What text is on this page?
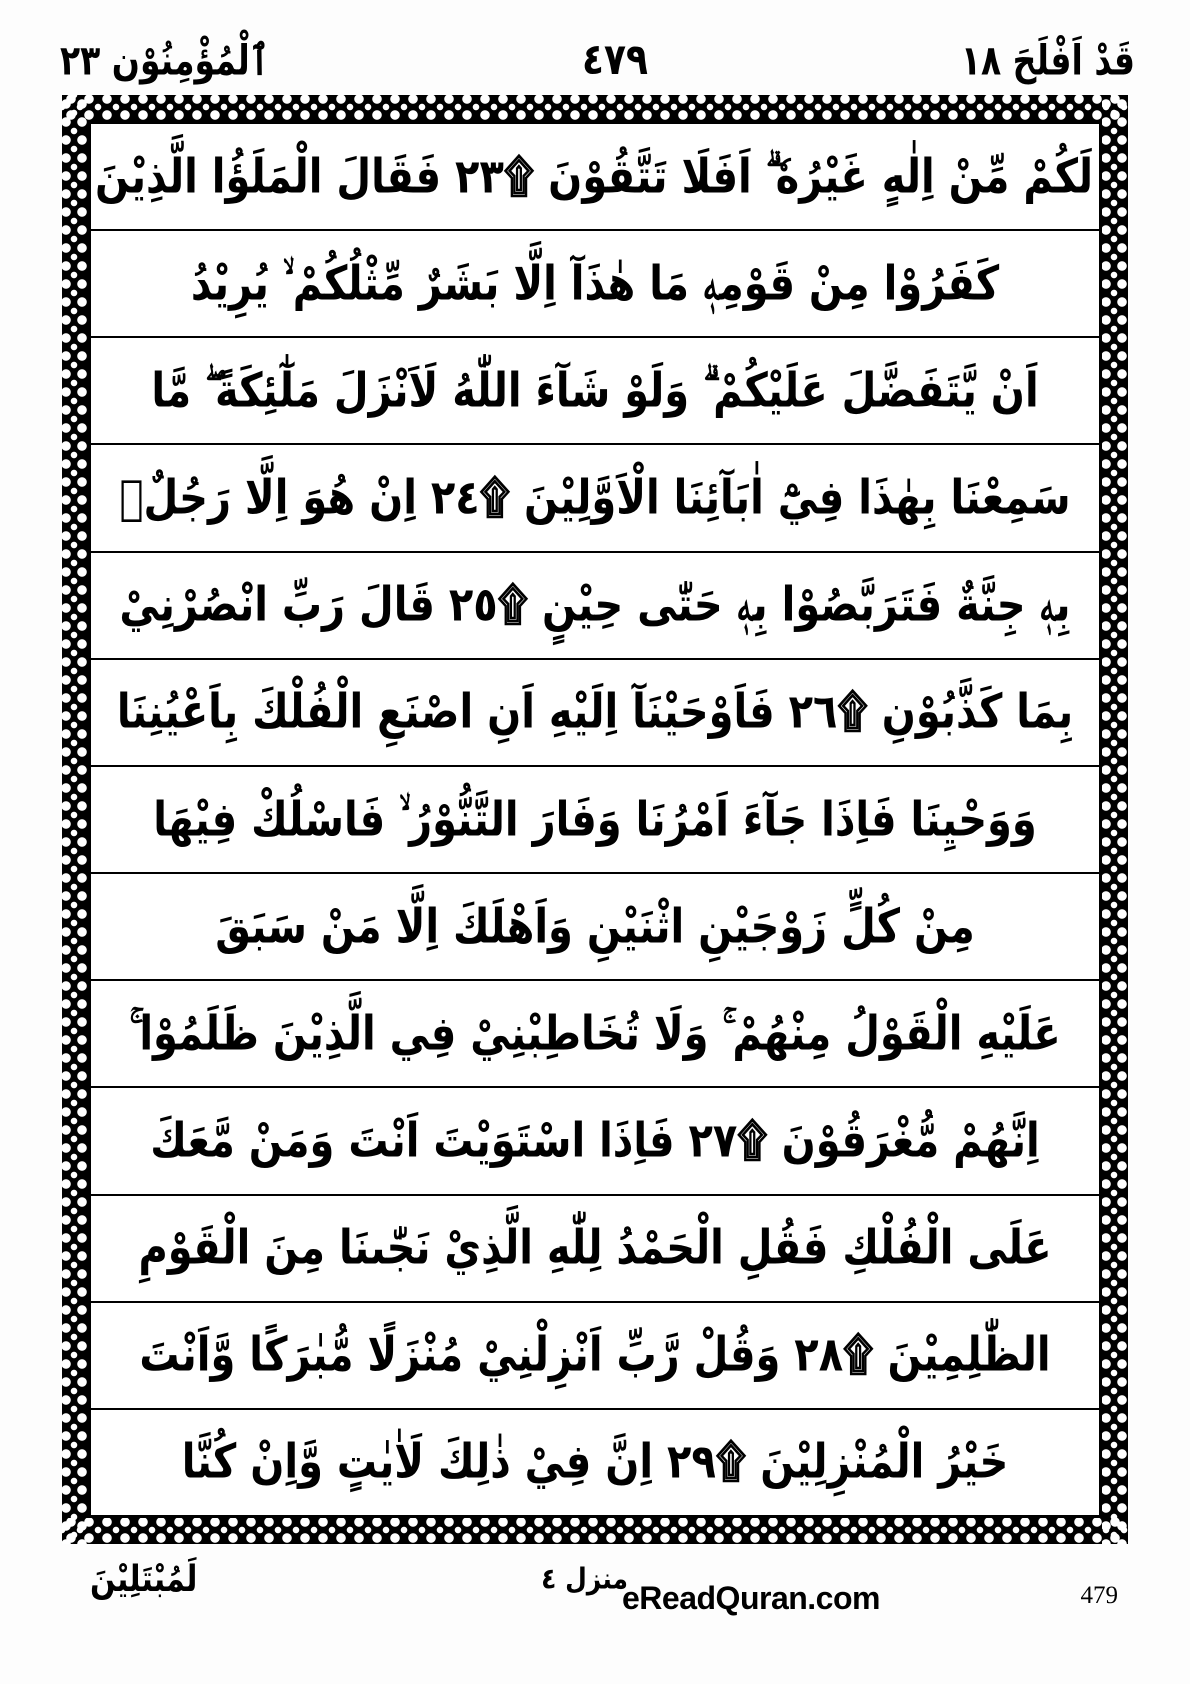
قَدْ اَفْلَحَ ١٨
٤٧٩
ٱلْمُؤْمِنُوْن ٢٣
لَكُمْ مِّنْ اِلٰهٍ غَيْرُهٗ ۗ اَفَلَا تَتَّقُوْنَ ۩٢٣ فَقَالَ الْمَلَؤُا الَّذِيْنَ
كَفَرُوْا مِنْ قَوْمِهٖ مَا هٰذَآ اِلَّا بَشَرٌ مِّثْلُكُمْ ۙ يُرِيْدُ
اَنْ يَّتَفَضَّلَ عَلَيْكُمْ ۗ وَلَوْ شَآءَ اللّٰهُ لَاَنْزَلَ مَلٰٓئِكَةً ۖ مَّا
سَمِعْنَا بِهٰذَا فِيْٓ اٰبَآئِنَا الْاَوَّلِيْنَ ۩٢٤ اِنْ هُوَ اِلَّا رَجُلٌۢ
بِهٖ جِنَّةٌ فَتَرَبَّصُوْا بِهٖ حَتّٰى حِيْنٍ ۩٢٥ قَالَ رَبِّ انْصُرْنِيْ
بِمَا كَذَّبُوْنِ ۩٢٦ فَاَوْحَيْنَآ اِلَيْهِ اَنِ اصْنَعِ الْفُلْكَ بِاَعْيُنِنَا
وَوَحْيِنَا فَاِذَا جَآءَ اَمْرُنَا وَفَارَ التَّنُّوْرُ ۙ فَاسْلُكْ فِيْهَا
مِنْ كُلٍّ زَوْجَيْنِ اثْنَيْنِ وَاَهْلَكَ اِلَّا مَنْ سَبَقَ
عَلَيْهِ الْقَوْلُ مِنْهُمْ ۚ وَلَا تُخَاطِبْنِيْ فِي الَّذِيْنَ ظَلَمُوْا ۚ
اِنَّهُمْ مُّغْرَقُوْنَ ۩٢٧ فَاِذَا اسْتَوَيْتَ اَنْتَ وَمَنْ مَّعَكَ
عَلَى الْفُلْكِ فَقُلِ الْحَمْدُ لِلّٰهِ الَّذِيْ نَجّٰىنَا مِنَ الْقَوْمِ
الظّٰلِمِيْنَ ۩٢٨ وَقُلْ رَّبِّ اَنْزِلْنِيْ مُنْزَلًا مُّبٰرَكًا وَّاَنْتَ
خَيْرُ الْمُنْزِلِيْنَ ۩٢٩ اِنَّ فِيْ ذٰلِكَ لَاٰيٰتٍ وَّاِنْ كُنَّا
لَمُبْتَلِيْنَ	منزل ٤
eReadQuran.com	479
